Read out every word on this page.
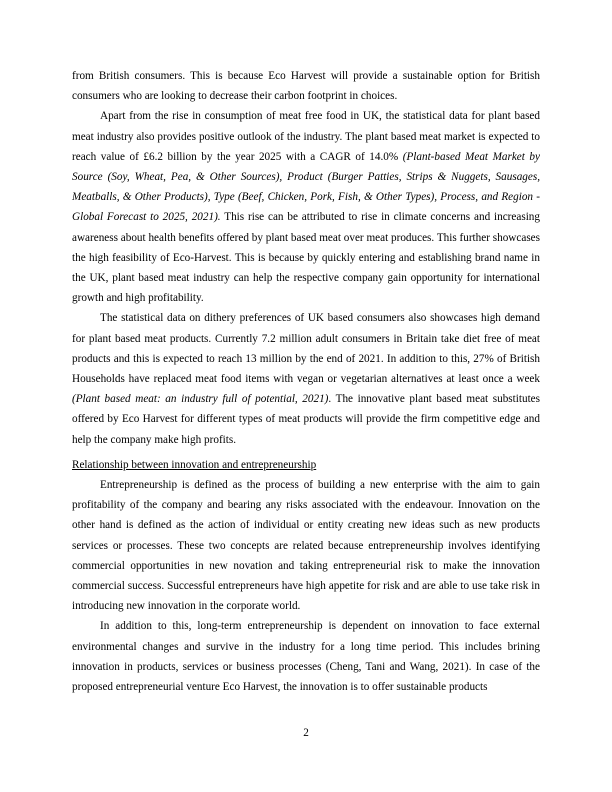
from British consumers. This is because Eco Harvest will provide a sustainable option for British consumers who are looking to decrease their carbon footprint in choices.

Apart from the rise in consumption of meat free food in UK, the statistical data for plant based meat industry also provides positive outlook of the industry. The plant based meat market is expected to reach value of £6.2 billion by the year 2025 with a CAGR of 14.0% (Plant-based Meat Market by Source (Soy, Wheat, Pea, & Other Sources), Product (Burger Patties, Strips & Nuggets, Sausages, Meatballs, & Other Products), Type (Beef, Chicken, Pork, Fish, & Other Types), Process, and Region - Global Forecast to 2025, 2021). This rise can be attributed to rise in climate concerns and increasing awareness about health benefits offered by plant based meat over meat produces. This further showcases the high feasibility of Eco-Harvest. This is because by quickly entering and establishing brand name in the UK, plant based meat industry can help the respective company gain opportunity for international growth and high profitability.

The statistical data on dithery preferences of UK based consumers also showcases high demand for plant based meat products. Currently 7.2 million adult consumers in Britain take diet free of meat products and this is expected to reach 13 million by the end of 2021. In addition to this, 27% of British Households have replaced meat food items with vegan or vegetarian alternatives at least once a week (Plant based meat: an industry full of potential, 2021). The innovative plant based meat substitutes offered by Eco Harvest for different types of meat products will provide the firm competitive edge and help the company make high profits.

Relationship between innovation and entrepreneurship

Entrepreneurship is defined as the process of building a new enterprise with the aim to gain profitability of the company and bearing any risks associated with the endeavour. Innovation on the other hand is defined as the action of individual or entity creating new ideas such as new products services or processes. These two concepts are related because entrepreneurship involves identifying commercial opportunities in new novation and taking entrepreneurial risk to make the innovation commercial success. Successful entrepreneurs have high appetite for risk and are able to use take risk in introducing new innovation in the corporate world.

In addition to this, long-term entrepreneurship is dependent on innovation to face external environmental changes and survive in the industry for a long time period. This includes brining innovation in products, services or business processes (Cheng, Tani and Wang, 2021). In case of the proposed entrepreneurial venture Eco Harvest, the innovation is to offer sustainable products

2
